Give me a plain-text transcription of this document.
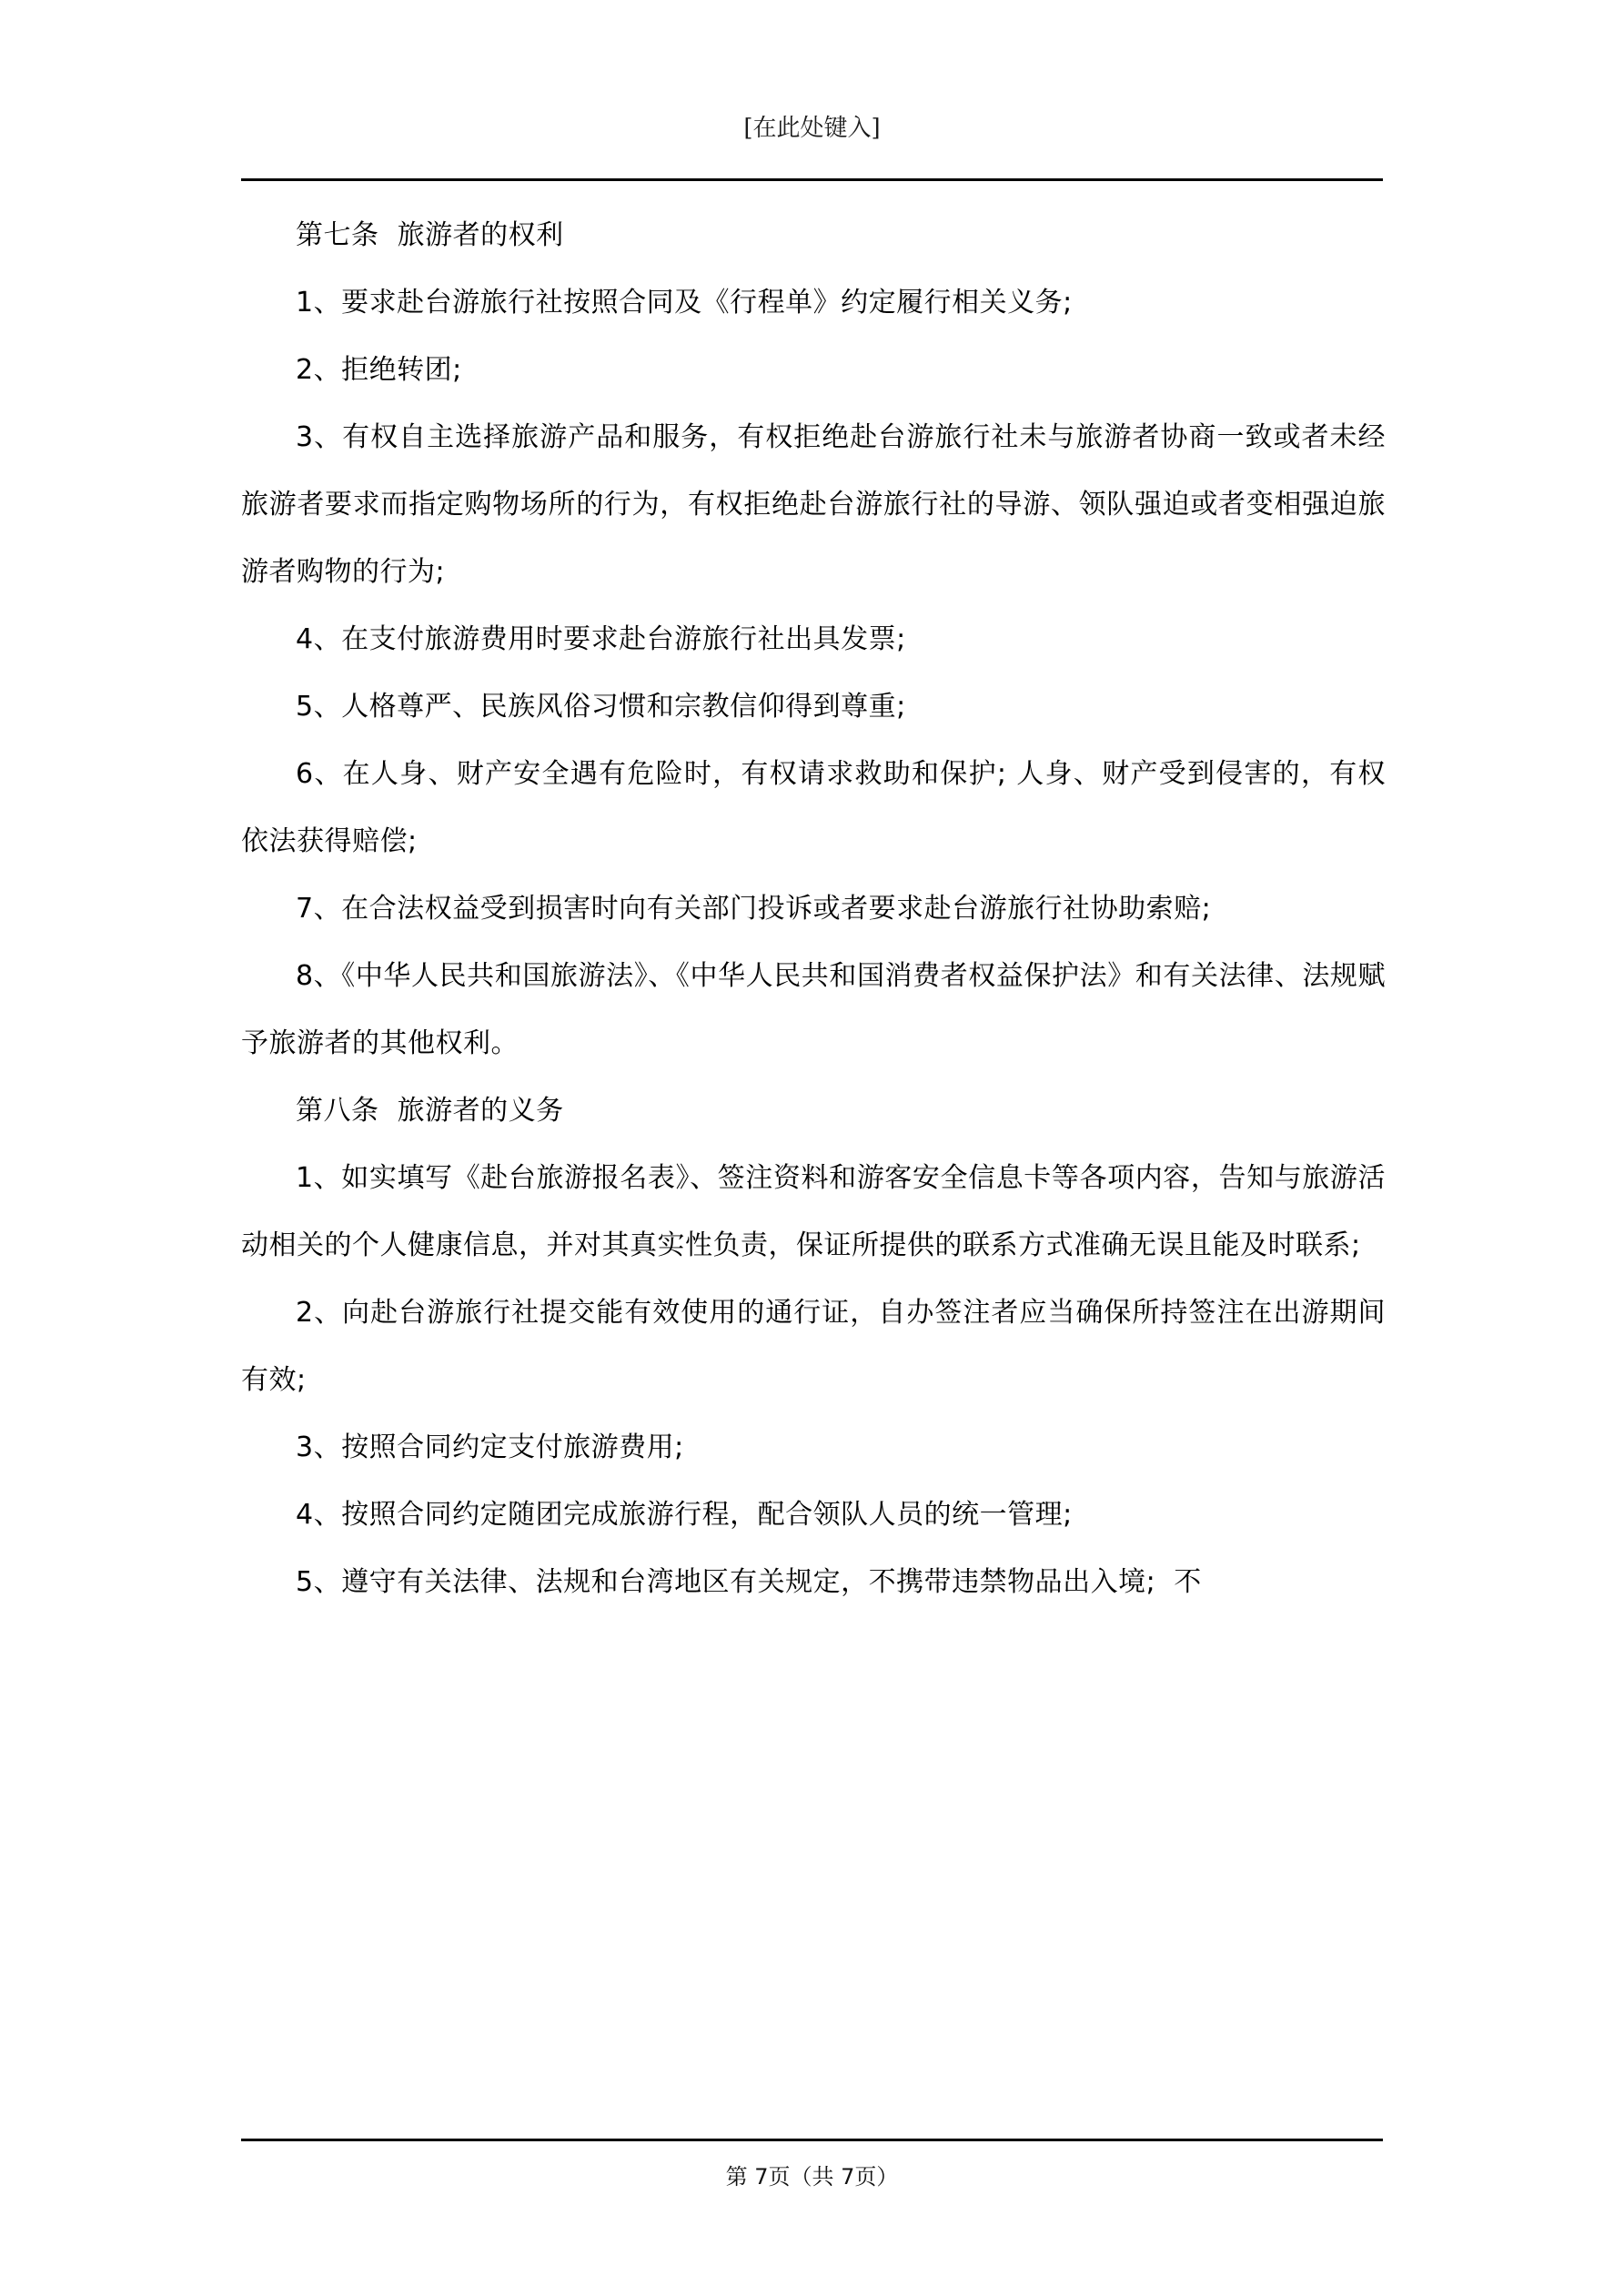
[在此处键入]

第七条  旅游者的权利

1、要求赴台游旅行社按照合同及《行程单》约定履行相关义务;

2、拒绝转团;

3、有权自主选择旅游产品和服务，有权拒绝赴台游旅行社未与旅游者协商一致或者未经旅游者要求而指定购物场所的行为，有权拒绝赴台游旅行社的导游、领队强迫或者变相强迫旅游者购物的行为;

4、在支付旅游费用时要求赴台游旅行社出具发票;

5、人格尊严、民族风俗习惯和宗教信仰得到尊重;

6、在人身、财产安全遇有危险时，有权请求救助和保护; 人身、财产受到侵害的，有权依法获得赔偿;

7、在合法权益受到损害时向有关部门投诉或者要求赴台游旅行社协助索赔;

8、《中华人民共和国旅游法》、《中华人民共和国消费者权益保护法》和有关法律、法规赋予旅游者的其他权利。

第八条  旅游者的义务

1、如实填写《赴台旅游报名表》、签注资料和游客安全信息卡等各项内容，告知与旅游活动相关的个人健康信息，并对其真实性负责，保证所提供的联系方式准确无误且能及时联系;

2、向赴台游旅行社提交能有效使用的通行证，自办签注者应当确保所持签注在出游期间有效;

3、按照合同约定支付旅游费用;

4、按照合同约定随团完成旅游行程，配合领队人员的统一管理;

5、遵守有关法律、法规和台湾地区有关规定，不携带违禁物品出入境;  不

第 7页（共 7页）
